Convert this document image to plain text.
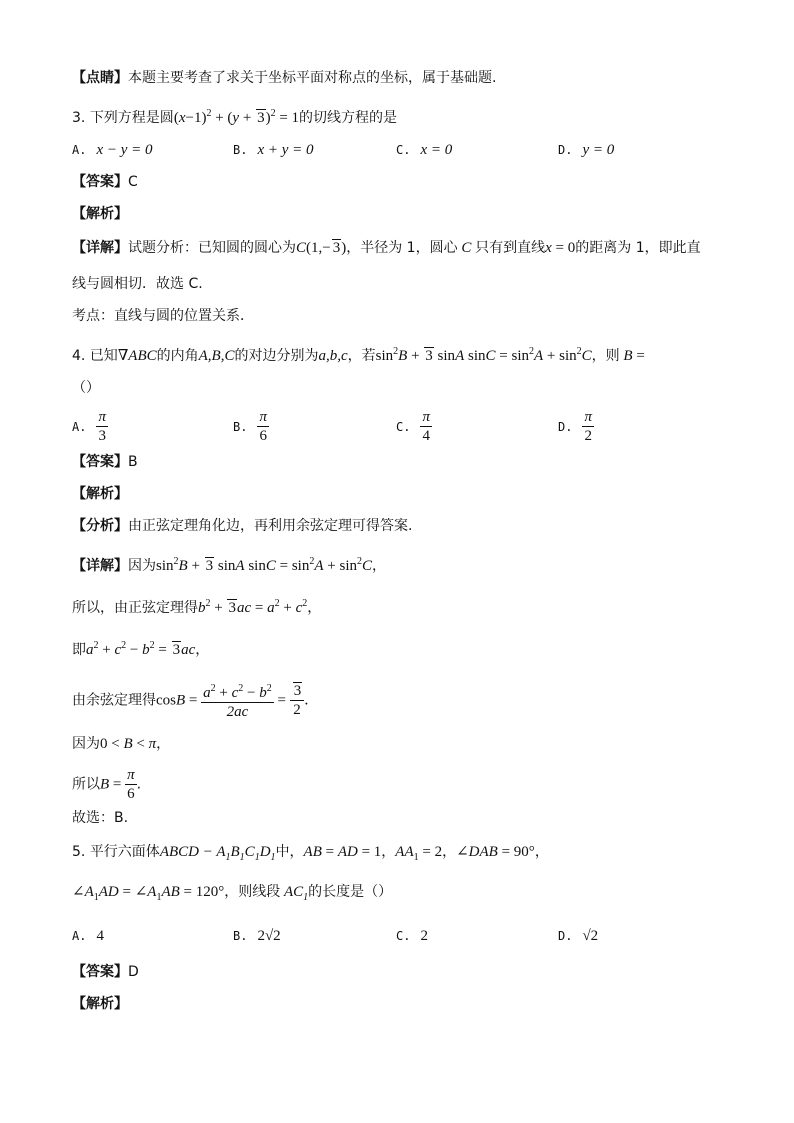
【点睛】本题主要考查了求关于坐标平面对称点的坐标，属于基础题.
3. 下列方程是圆$(x-1)^2 + (y + 3)^2 = 1$的切线方程的是
A. x − y = 0	B. x + y = 0	C. x = 0	D. y = 0
【答案】C
【解析】
【详解】试题分析：已知圆的圆心为C(1,− 3)，半径为 1，圆心 C 只有到直线x = 0的距离为 1，即此直
线与圆相切．故选 C.
考点：直线与圆的位置关系．
4. 已知∇ABC的内角A,B,C的对边分别为a,b,c，若$\sin^2B + 3$ sinA $\sin C = \sin^2A + \sin^2C$，则 B =
（）
A. $\frac{\pi}{3}$	B. $\frac{\pi}{6}$	C. $\frac{\pi}{4}$	D. $\frac{\pi}{2}$
【答案】B
【解析】
【分析】由正弦定理角化边，再利用余弦定理可得答案.
【详解】因为$\sin^2B + 3$ sinA $\sin C = \sin^2A + \sin^2C$，
所以，由正弦定理得$b^2 + 3ac = a^2 + c^2$，
即$a^2 + c^2 - b^2 = 3ac$，
由余弦定理得$\cos B = \frac{a^2 + c^2 - b^2}{2ac} = \frac{3}{2}$ ．
因为0 < B < π，
所以$B = \frac{\pi}{6}$ .
故选：B.
5. 平行六面体ABCD − $A_1B_1C_1D_1$中，AB = AD = 1，$AA_1 = 2$，∠DAB = 90°，
$\angle A_1AD$ = $\angle A_1AB = 120^\circ$，则线段 $AC_1$的长度是（）
A. 4	B. 2√2	C. 2	D. √2
【答案】D
【解析】
